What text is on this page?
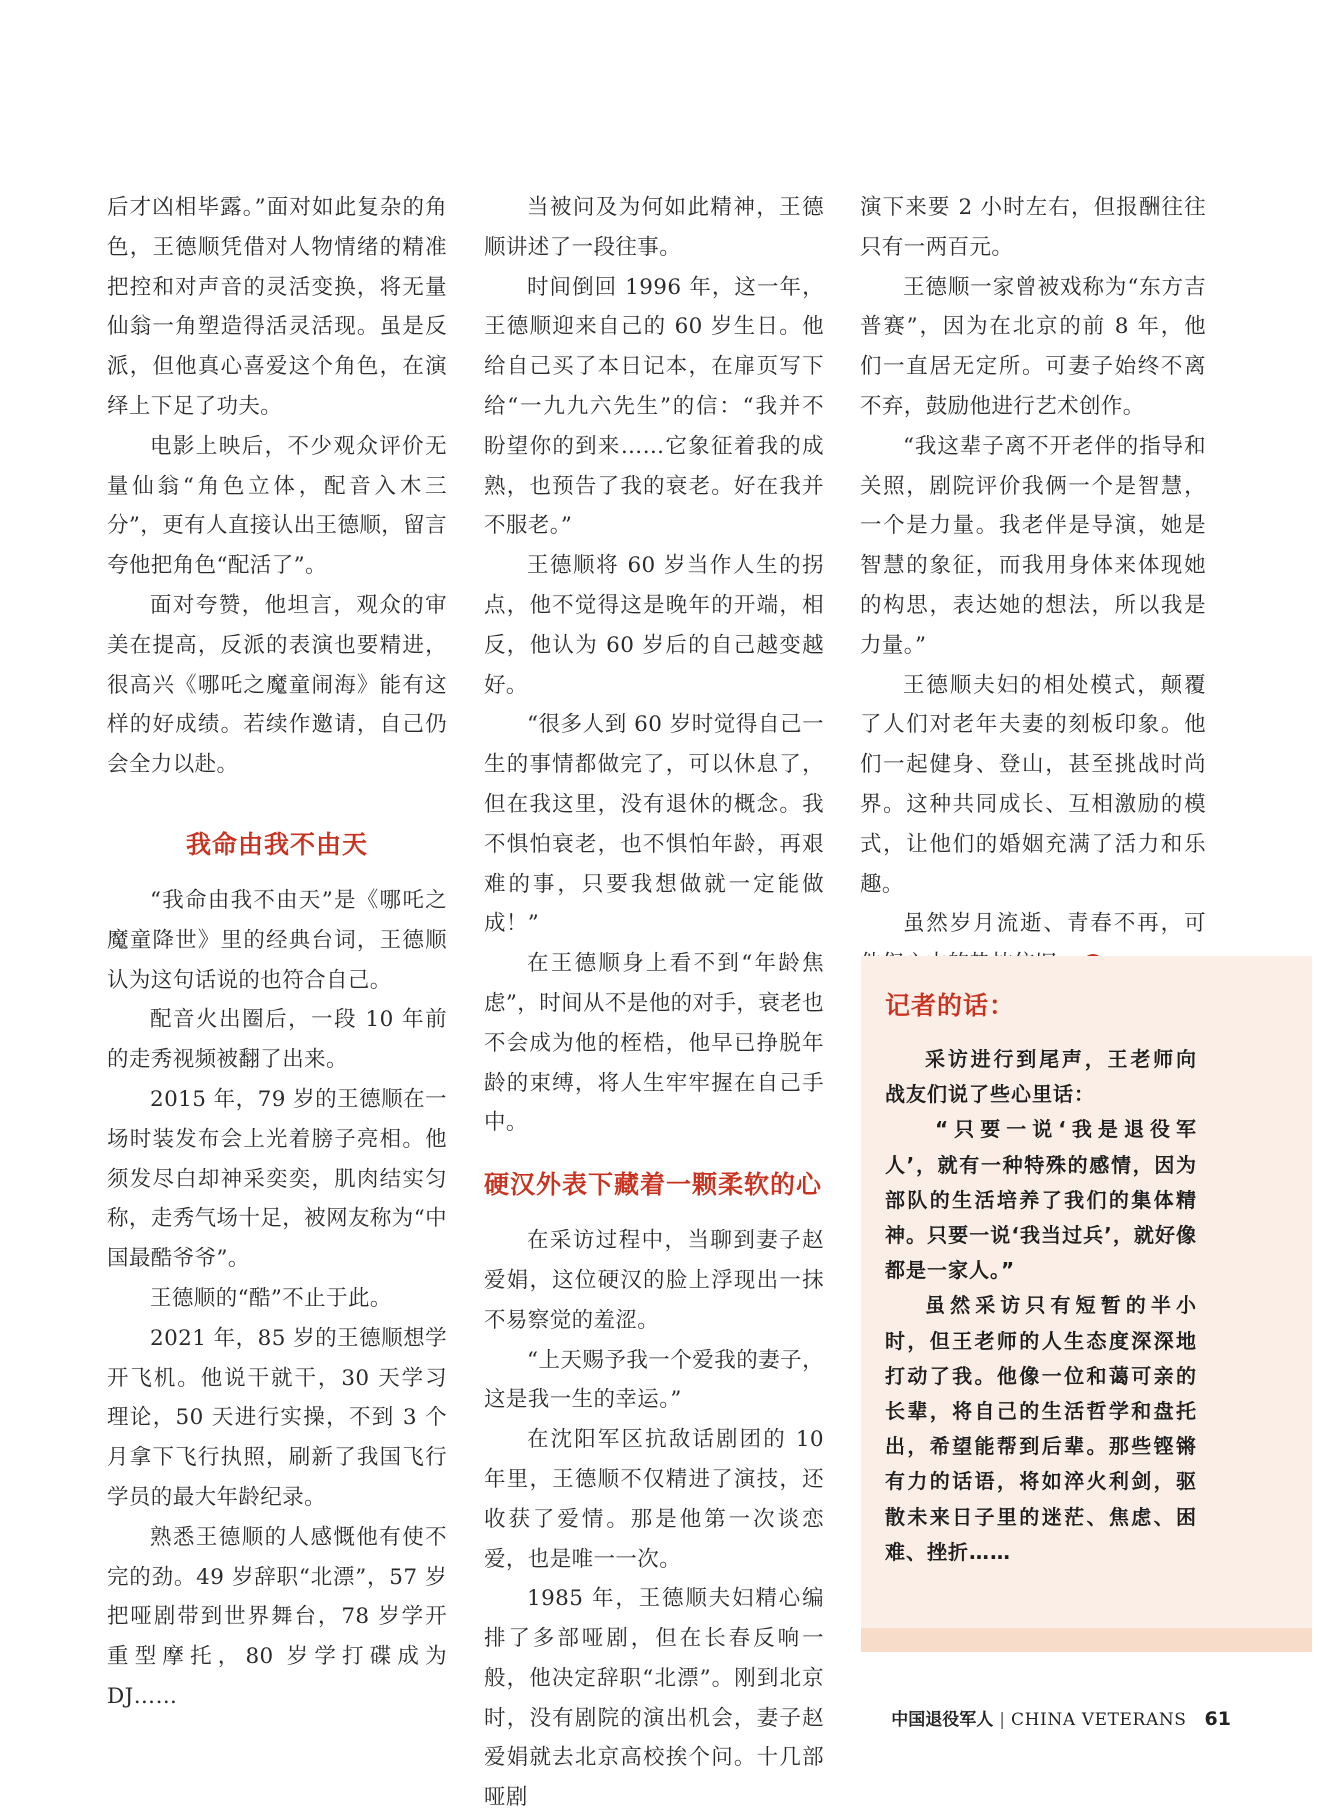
后才凶相毕露。”面对如此复杂的角色，王德顺凭借对人物情绪的精准把控和对声音的灵活变换，将无量仙翁一角塑造得活灵活现。虽是反派，但他真心喜爱这个角色，在演绎上下足了功夫。

电影上映后，不少观众评价无量仙翁“角色立体，配音入木三分”，更有人直接认出王德顺，留言夸他把角色“配活了”。

面对夸赞，他坦言，观众的审美在提高，反派的表演也要精进，很高兴《哪吒之魔童闹海》能有这样的好成绩。若续作邀请，自己仍会全力以赴。

我命由我不由天

“我命由我不由天”是《哪吒之魔童降世》里的经典台词，王德顺认为这句话说的也符合自己。

配音火出圈后，一段 10 年前的走秀视频被翻了出来。

2015 年，79 岁的王德顺在一场时装发布会上光着膀子亮相。他须发尽白却神采奕奕，肌肉结实匀称，走秀气场十足，被网友称为“中国最酷爷爷”。

王德顺的“酷”不止于此。

2021 年，85 岁的王德顺想学开飞机。他说干就干，30 天学习理论，50 天进行实操，不到 3 个月拿下飞行执照，刷新了我国飞行学员的最大年龄纪录。

熟悉王德顺的人感慨他有使不完的劲。49 岁辞职“北漂”，57 岁把哑剧带到世界舞台，78 岁学开重型摩托，80 岁学打碟成为 DJ……

当被问及为何如此精神，王德顺讲述了一段往事。

时间倒回 1996 年，这一年，王德顺迎来自己的 60 岁生日。他给自己买了本日记本，在扉页写下给“一九九六先生”的信：“我并不盼望你的到来……它象征着我的成熟，也预告了我的衰老。好在我并不服老。”

王德顺将 60 岁当作人生的拐点，他不觉得这是晚年的开端，相反，他认为 60 岁后的自己越变越好。

“很多人到 60 岁时觉得自己一生的事情都做完了，可以休息了，但在我这里，没有退休的概念。我不惧怕衰老，也不惧怕年龄，再艰难的事，只要我想做就一定能做成！”

在王德顺身上看不到“年龄焦虑”，时间从不是他的对手，衰老也不会成为他的桎梏，他早已挣脱年龄的束缚，将人生牢牢握在自己手中。

硬汉外表下藏着一颗柔软的心

在采访过程中，当聊到妻子赵爱娟，这位硬汉的脸上浮现出一抹不易察觉的羞涩。

“上天赐予我一个爱我的妻子，这是我一生的幸运。”

在沈阳军区抗敌话剧团的 10 年里，王德顺不仅精进了演技，还收获了爱情。那是他第一次谈恋爱，也是唯一一次。

1985 年，王德顺夫妇精心编排了多部哑剧，但在长春反响一般，他决定辞职“北漂”。刚到北京时，没有剧院的演出机会，妻子赵爱娟就去北京高校挨个问。十几部哑剧

演下来要 2 小时左右，但报酬往往只有一两百元。

王德顺一家曾被戏称为“东方吉普赛”，因为在北京的前 8 年，他们一直居无定所。可妻子始终不离不弃，鼓励他进行艺术创作。

“我这辈子离不开老伴的指导和关照，剧院评价我俩一个是智慧，一个是力量。我老伴是导演，她是智慧的象征，而我用身体来体现她的构思，表达她的想法，所以我是力量。”

王德顺夫妇的相处模式，颠覆了人们对老年夫妻的刻板印象。他们一起健身、登山，甚至挑战时尚界。这种共同成长、互相激励的模式，让他们的婚姻充满了活力和乐趣。

虽然岁月流逝、青春不再，可

记者的话：

采访进行到尾声，王老师向战友们说了些心里话：

“只要一说‘我是退役军人’，就有一种特殊的感情，因为部队的生活培养了我们的集体精神。只要一说‘我当过兵’，就好像都是一家人。”

虽然采访只有短暂的半小时，但王老师的人生态度深深地打动了我。他像一位和蔼可亲的长辈，将自己的生活哲学和盘托出，希望能帮到后辈。那些铿锵有力的话语，将如淬火利剑，驱散未来日子里的迷茫、焦虑、困难、挫折……

中国退役军人 | CHINA VETERANS 61
